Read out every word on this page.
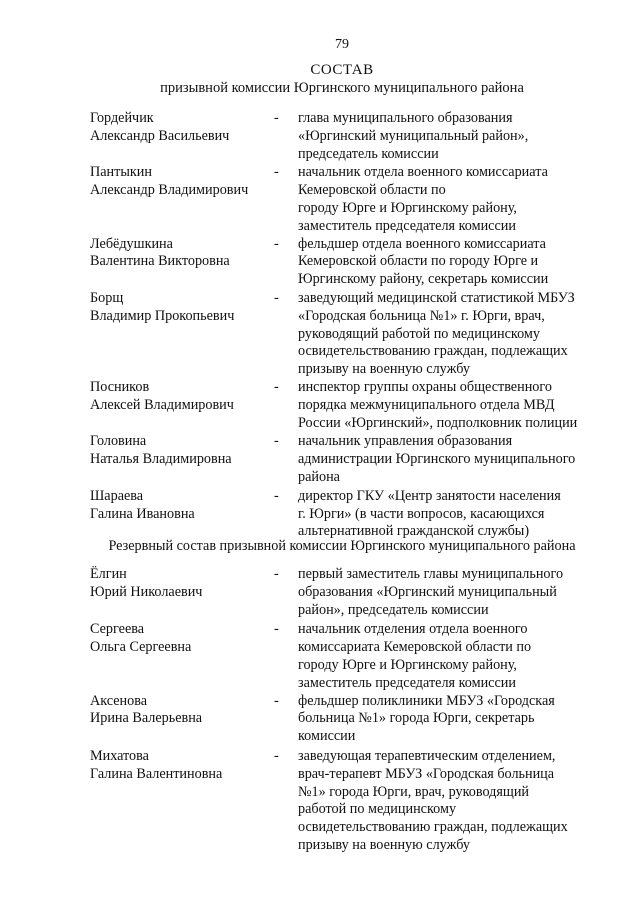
79
СОСТАВ
призывной комиссии Юргинского муниципального района
Гордейчик
Александр Васильевич
- глава муниципального образования
«Юргинский муниципальный район»,
председатель комиссии
Пантыкин
Александр Владимирович
- начальник отдела военного комиссариата
Кемеровской области по
городу Юрге и Юргинскому району,
заместитель председателя комиссии
Лебёдушкина
Валентина Викторовна
- фельдшер отдела военного комиссариата
Кемеровской области по городу Юрге и
Юргинскому району, секретарь комиссии
Борщ
Владимир Прокопьевич
- заведующий медицинской статистикой МБУЗ
«Городская больница №1» г. Юрги, врач,
руководящий работой по медицинскому
освидетельствованию граждан, подлежащих
призыву на военную службу
Посников
Алексей Владимирович
- инспектор группы охраны общественного
порядка межмуниципального отдела МВД
России «Юргинский», подполковник полиции
Головина
Наталья Владимировна
- начальник управления образования
администрации Юргинского муниципального
района
Шараева
Галина Ивановна
- директор ГКУ «Центр занятости населения
г. Юрги» (в части вопросов, касающихся
альтернативной гражданской службы)
Резервный состав призывной комиссии Юргинского муниципального района
Ёлгин
Юрий Николаевич
- первый заместитель главы муниципального
образования «Юргинский муниципальный
район», председатель комиссии
Сергеева
Ольга Сергеевна
- начальник отделения отдела военного
комиссариата Кемеровской области по
городу Юрге и Юргинскому району,
заместитель председателя комиссии
Аксенова
Ирина Валерьевна
- фельдшер поликлиники МБУЗ «Городская
больница №1» города Юрги, секретарь
комиссии
Михатова
Галина Валентиновна
- заведующая терапевтическим отделением,
врач-терапевт МБУЗ «Городская больница
№1» города Юрги, врач, руководящий
работой по медицинскому
освидетельствованию граждан, подлежащих
призыву на военную службу
